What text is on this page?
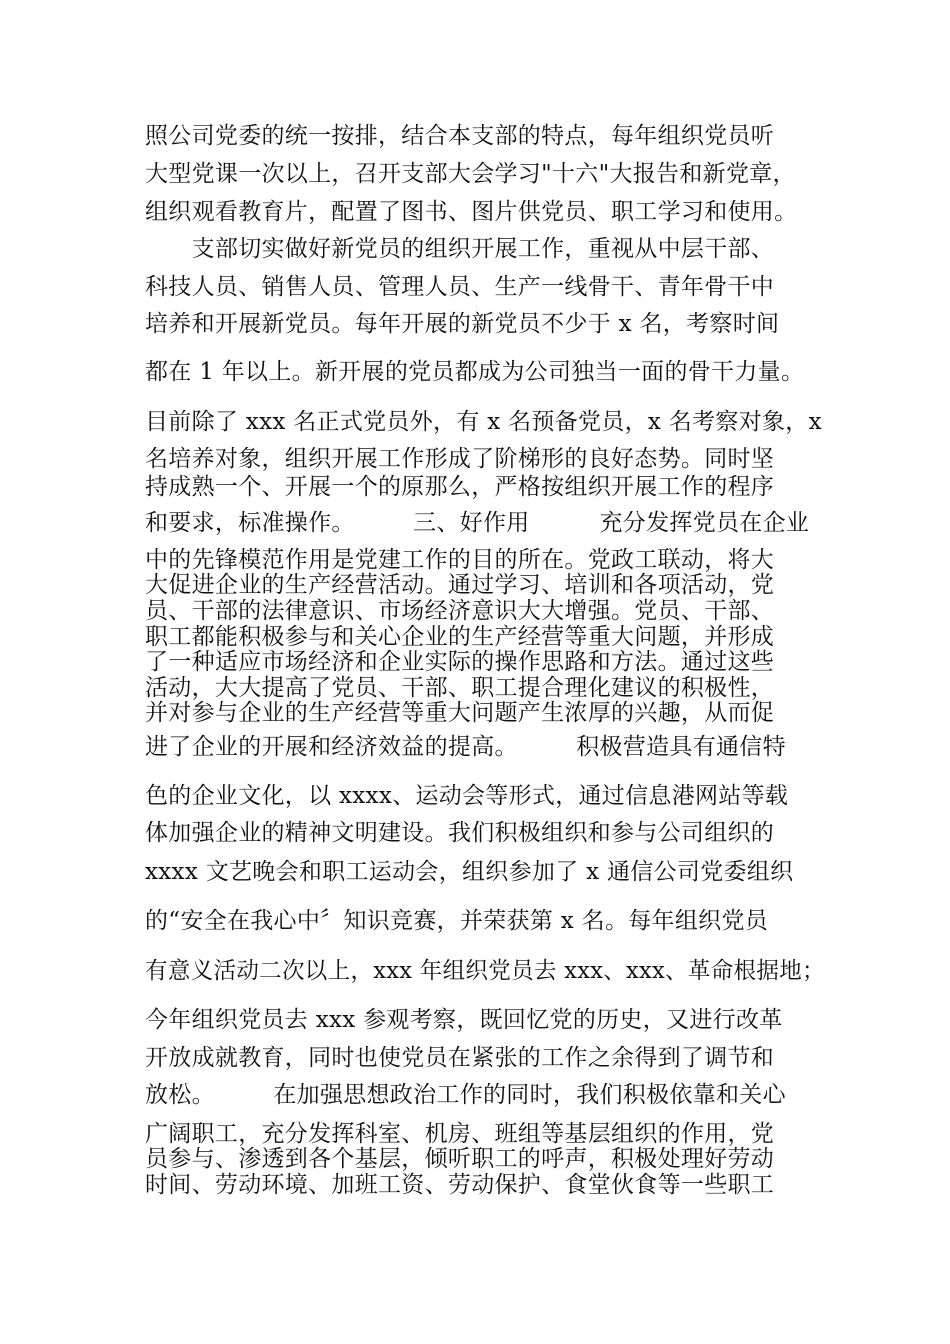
照公司党委的统一按排，结合本支部的特点，每年组织党员听
大型党课一次以上，召开支部大会学习"十六"大报告和新党章，
组织观看教育片，配置了图书、图片供党员、职工学习和使用。
　　支部切实做好新党员的组织开展工作，重视从中层干部、
科技人员、销售人员、管理人员、生产一线骨干、青年骨干中
培养和开展新党员。每年开展的新党员不少于 x 名，考察时间
都在 1 年以上。新开展的党员都成为公司独当一面的骨干力量。
目前除了 xxx 名正式党员外，有 x 名预备党员，x 名考察对象，x
名培养对象，组织开展工作形成了阶梯形的良好态势。同时坚
持成熟一个、开展一个的原那么，严格按组织开展工作的程序
和要求，标准操作。　　　三、好作用　　　充分发挥党员在企业
中的先锋模范作用是党建工作的目的所在。党政工联动，将大
大促进企业的生产经营活动。通过学习、培训和各项活动，党
员、干部的法律意识、市场经济意识大大增强。党员、干部、
职工都能积极参与和关心企业的生产经营等重大问题，并形成
了一种适应市场经济和企业实际的操作思路和方法。通过这些
活动，大大提高了党员、干部、职工提合理化建议的积极性，
并对参与企业的生产经营等重大问题产生浓厚的兴趣，从而促
进了企业的开展和经济效益的提高。　　　积极营造具有通信特
色的企业文化，以 xxxx、运动会等形式，通过信息港网站等载
体加强企业的精神文明建设。我们积极组织和参与公司组织的
xxxx 文艺晚会和职工运动会，组织参加了 x 通信公司党委组织
的“安全在我心中〞知识竞赛，并荣获第 x 名。每年组织党员
有意义活动二次以上，xxx 年组织党员去 xxx、xxx、革命根据地；
今年组织党员去 xxx 参观考察，既回忆党的历史，又进行改革
开放成就教育，同时也使党员在紧张的工作之余得到了调节和
放松。　　　在加强思想政治工作的同时，我们积极依靠和关心
广阔职工，充分发挥科室、机房、班组等基层组织的作用，党
员参与、渗透到各个基层，倾听职工的呼声，积极处理好劳动
时间、劳动环境、加班工资、劳动保护、食堂伙食等一些职工
